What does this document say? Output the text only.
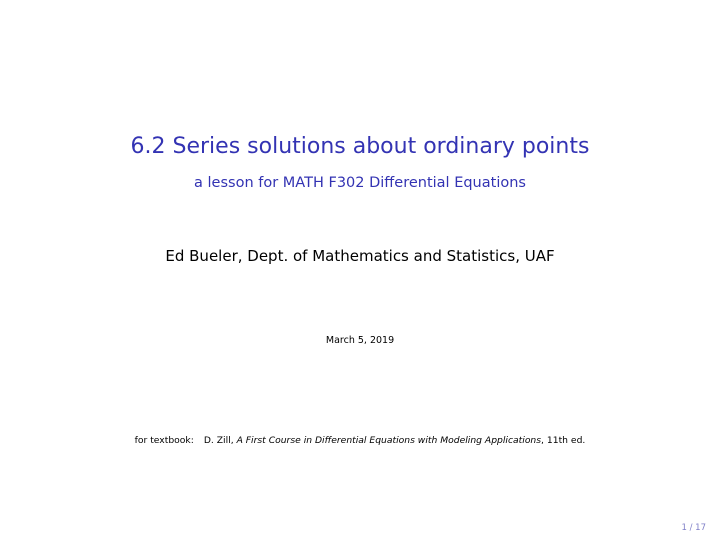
6.2 Series solutions about ordinary points
a lesson for MATH F302 Differential Equations
Ed Bueler, Dept. of Mathematics and Statistics, UAF
March 5, 2019
for textbook: D. Zill, A First Course in Differential Equations with Modeling Applications, 11th ed.
1 / 17
